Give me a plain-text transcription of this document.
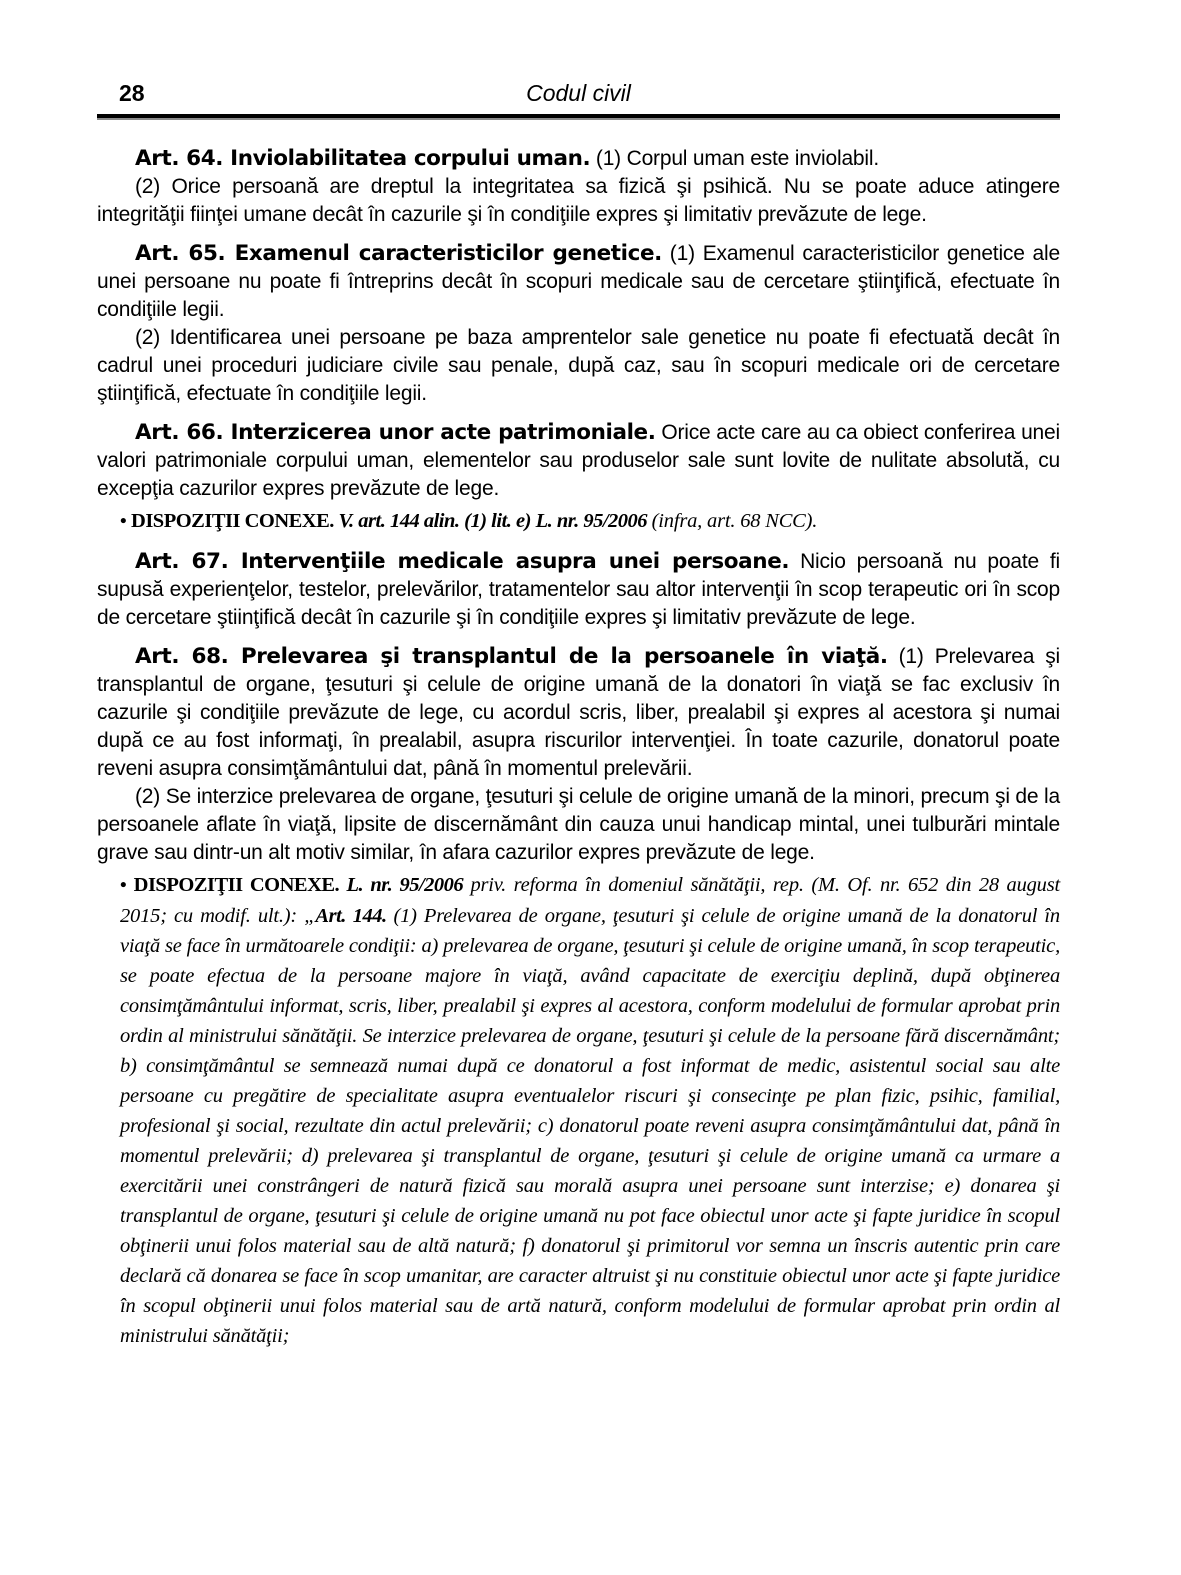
28	Codul civil

Art. 64. Inviolabilitatea corpului uman. (1) Corpul uman este inviolabil.

(2) Orice persoană are dreptul la integritatea sa fizică şi psihică. Nu se poate aduce atingere integrităţii fiinţei umane decât în cazurile şi în condiţiile expres şi limitativ prevăzute de lege.

Art. 65. Examenul caracteristicilor genetice. (1) Examenul caracteristicilor genetice ale unei persoane nu poate fi întreprins decât în scopuri medicale sau de cercetare ştiinţifică, efectuate în condiţiile legii.

(2) Identificarea unei persoane pe baza amprentelor sale genetice nu poate fi efectuată decât în cadrul unei proceduri judiciare civile sau penale, după caz, sau în scopuri medicale ori de cercetare ştiinţifică, efectuate în condiţiile legii.

Art. 66. Interzicerea unor acte patrimoniale. Orice acte care au ca obiect conferirea unei valori patrimoniale corpului uman, elementelor sau produselor sale sunt lovite de nulitate absolută, cu excepţia cazurilor expres prevăzute de lege.

• DISPOZIŢII CONEXE. V. art. 144 alin. (1) lit. e) L. nr. 95/2006 (infra, art. 68 NCC).

Art. 67. Intervenţiile medicale asupra unei persoane. Nicio persoană nu poate fi supusă experienţelor, testelor, prelevărilor, tratamentelor sau altor intervenţii în scop terapeutic ori în scop de cercetare ştiinţifică decât în cazurile şi în condiţiile expres şi limitativ prevăzute de lege.

Art. 68. Prelevarea şi transplantul de la persoanele în viaţă. (1) Prelevarea şi transplantul de organe, ţesuturi şi celule de origine umană de la donatori în viaţă se fac exclusiv în cazurile şi condiţiile prevăzute de lege, cu acordul scris, liber, prealabil şi expres al acestora şi numai după ce au fost informaţi, în prealabil, asupra riscurilor intervenţiei. În toate cazurile, donatorul poate reveni asupra consimţământului dat, până în momentul prelevării.

(2) Se interzice prelevarea de organe, ţesuturi şi celule de origine umană de la minori, precum şi de la persoanele aflate în viaţă, lipsite de discernământ din cauza unui handicap mintal, unei tulburări mintale grave sau dintr-un alt motiv similar, în afara cazurilor expres prevăzute de lege.

• DISPOZIŢII CONEXE. L. nr. 95/2006 priv. reforma în domeniul sănătăţii, rep. (M. Of. nr. 652 din 28 august 2015; cu modif. ult.): „Art. 144. (1) Prelevarea de organe, ţesuturi şi celule de origine umană de la donatorul în viaţă se face în următoarele condiţii: a) prelevarea de organe, ţesuturi şi celule de origine umană, în scop terapeutic, se poate efectua de la persoane majore în viaţă, având capacitate de exerciţiu deplină, după obţinerea consimţământului informat, scris, liber, prealabil şi expres al acestora, conform modelului de formular aprobat prin ordin al ministrului sănătăţii. Se interzice prelevarea de organe, ţesuturi şi celule de la persoane fără discernământ; b) consimţământul se semnează numai după ce donatorul a fost informat de medic, asistentul social sau alte persoane cu pregătire de specialitate asupra eventualelor riscuri şi consecinţe pe plan fizic, psihic, familial, profesional şi social, rezultate din actul prelevării; c) donatorul poate reveni asupra consimţământului dat, până în momentul prelevării; d) prelevarea şi transplantul de organe, ţesuturi şi celule de origine umană ca urmare a exercitării unei constrângeri de natură fizică sau morală asupra unei persoane sunt interzise; e) donarea şi transplantul de organe, ţesuturi şi celule de origine umană nu pot face obiectul unor acte şi fapte juridice în scopul obţinerii unui folos material sau de altă natură; f) donatorul şi primitorul vor semna un înscris autentic prin care declară că donarea se face în scop umanitar, are caracter altruist şi nu constituie obiectul unor acte şi fapte juridice în scopul obţinerii unui folos material sau de artă natură, conform modelului de formular aprobat prin ordin al ministrului sănătăţii;
